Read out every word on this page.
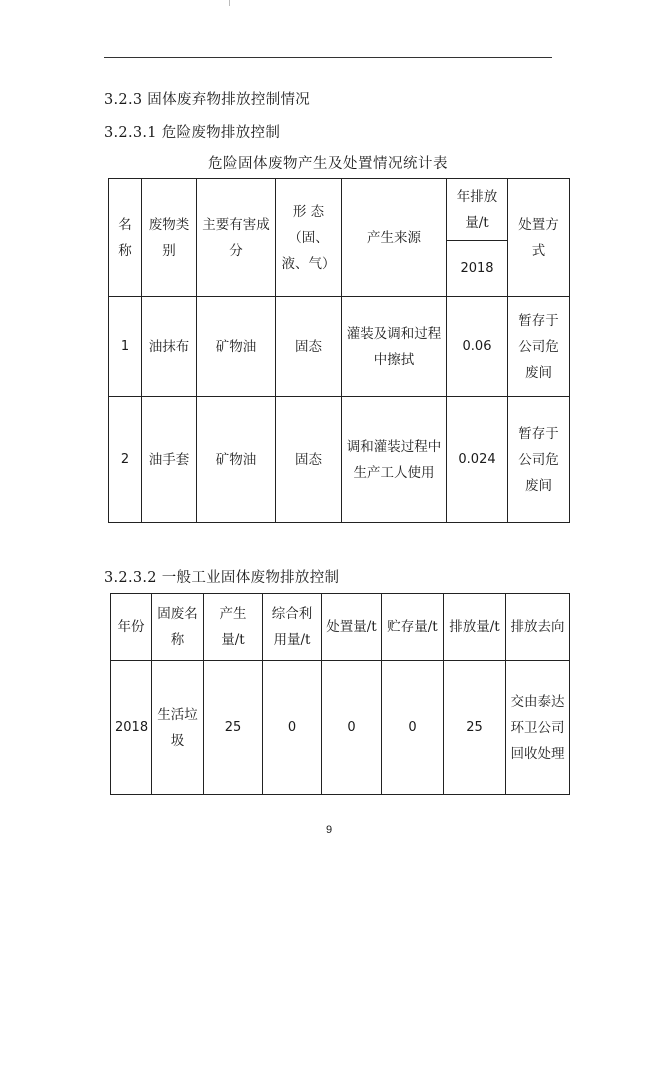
3.2.3 固体废弃物排放控制情况
3.2.3.1 危险废物排放控制
危险固体废物产生及处置情况统计表
名称	废物类别	主要有害成分	形 态（固、液、气）	产生来源	年排放量/t	处置方式
					2018	
1	油抹布	矿物油	固态	灌装及调和过程中擦拭	0.06	暂存于公司危废间
2	油手套	矿物油	固态	调和灌装过程中生产工人使用	0.024	暂存于公司危废间
3.2.3.2 一般工业固体废物排放控制
年份	固废名称	产生量/t	综合利用量/t	处置量/t	贮存量/t	排放量/t	排放去向
2018	生活垃圾	25	0	0	0	25	交由泰达环卫公司回收处理
9
